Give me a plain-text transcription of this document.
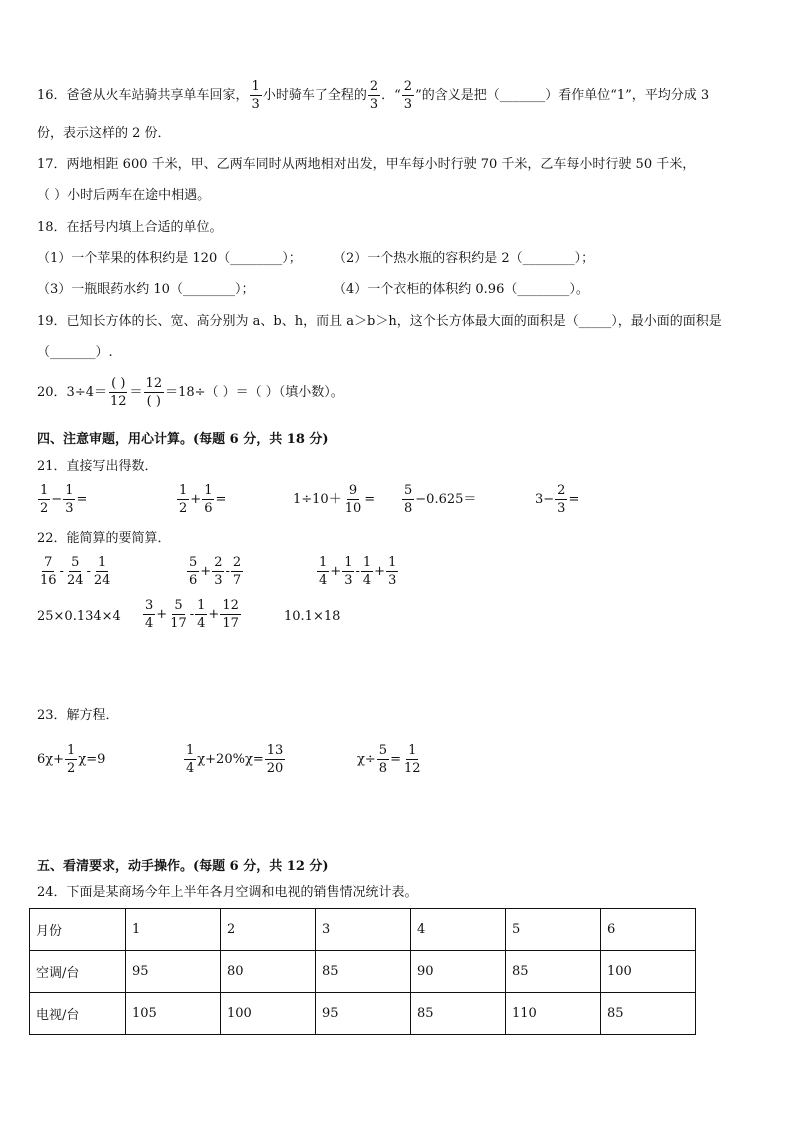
16．爸爸从火车站骑共享单车回家， $\frac{1}{3}$ 小时骑车了全程的 $\frac{2}{3}$ ．“ $\frac{2}{3}$ ”的含义是把（_______）看作单位“1”，平均分成 3
份，表示这样的 2 份．
17．两地相距 600 千米，甲、乙两车同时从两地相对出发，甲车每小时行驶 70 千米，乙车每小时行驶 50 千米，
（ ）小时后两车在途中相遇。
18．在括号内填上合适的单位。
（1）一个苹果的体积约是 120（________）； （2）一个热水瓶的容积约是 2（________）；
（3）一瓶眼药水约 10（________）；	（4）一个衣柜的体积约 0.96（________）。
19．已知长方体的长、宽、高分别为 a、b、h，而且 a＞b＞h，这个长方体最大面的面积是（_____），最小面的面积是
（_______）.
20．$3\div 4= \frac{( )}{12} = \frac{12}{( )} =18\div$（ ）＝（ ）（填小数）。
四、注意审题，用心计算。(每题 6 分，共 18 分)
21．直接写出得数．
$\frac{1}{2} - \frac{1}{3}$ =	$\frac{1}{2} + \frac{1}{6}$ =	$1\div 10+ \frac{9}{10} = \frac{5}{8} -0.625=$	$3- \frac{2}{3}$ =
22．能简算的要简算．
$\frac{7}{16} - \frac{5}{24} - \frac{1}{24}$	$\frac{5}{6} + \frac{2}{3} - \frac{2}{7}$	$\frac{1}{4} + \frac{1}{3} - \frac{1}{4} + \frac{1}{3}$
$25\times 0.134\times 4 \frac{3}{4} + \frac{5}{17} - \frac{1}{4} + \frac{12}{17}$	10.1×18
23．解方程．
$6\chi+ \frac{1}{2} \chi=9$	$\frac{1}{4} \chi+20\%\chi= \frac{13}{20}$	$\chi\div \frac{5}{8} = \frac{1}{12}$
五、看清要求，动手操作。(每题 6 分，共 12 分)
24．下面是某商场今年上半年各月空调和电视的销售情况统计表。
月份	1	2	3	4	5	6
空调/台	95	80	85	90	85	100
电视/台	105	100	95	85	110	85
